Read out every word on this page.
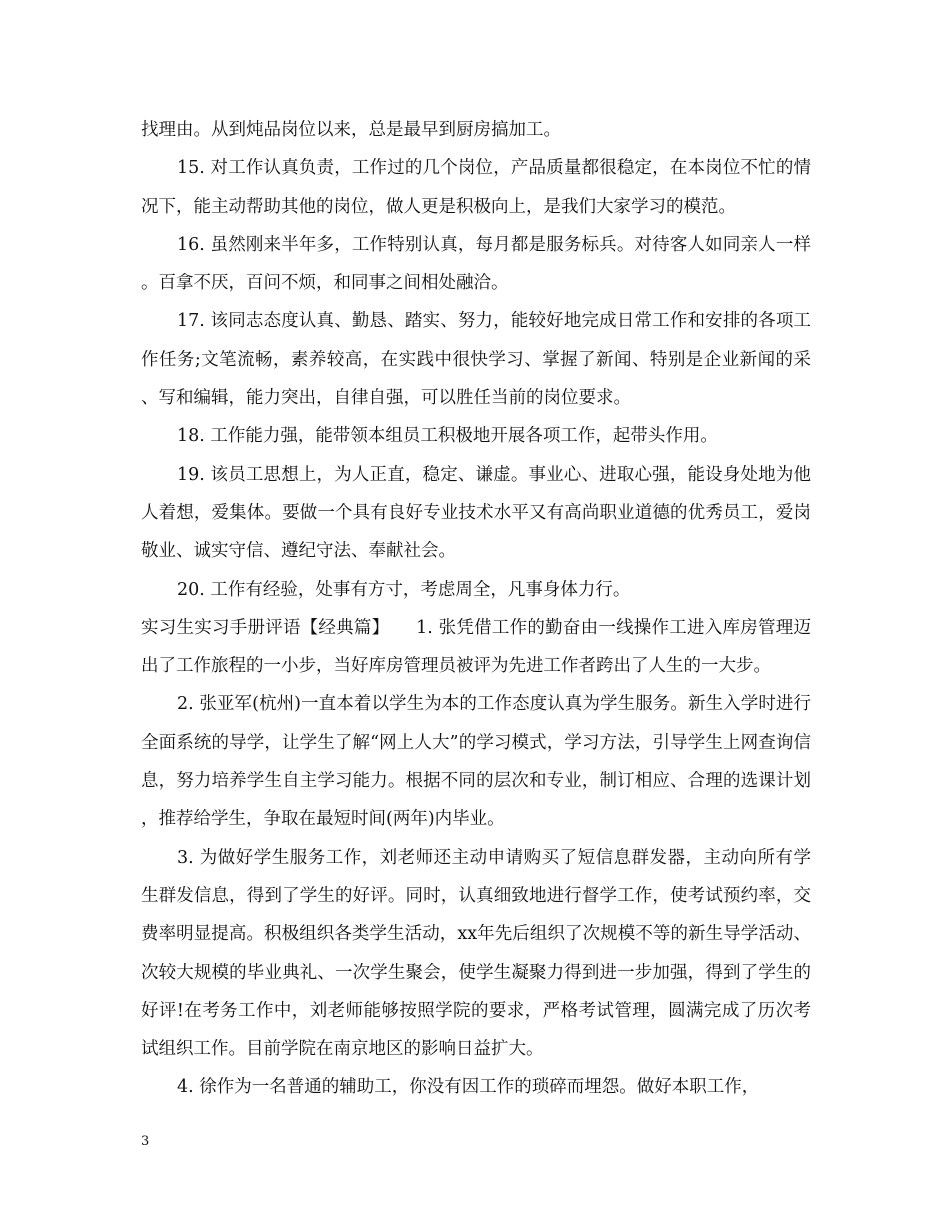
找理由。从到炖品岗位以来，总是最早到厨房搞加工。

15. 对工作认真负责，工作过的几个岗位，产品质量都很稳定，在本岗位不忙的情况下，能主动帮助其他的岗位，做人更是积极向上，是我们大家学习的模范。

16. 虽然刚来半年多，工作特别认真，每月都是服务标兵。对待客人如同亲人一样。百拿不厌，百问不烦，和同事之间相处融洽。

17. 该同志态度认真、勤恳、踏实、努力，能较好地完成日常工作和安排的各项工作任务;文笔流畅，素养较高，在实践中很快学习、掌握了新闻、特别是企业新闻的采、写和编辑，能力突出，自律自强，可以胜任当前的岗位要求。

18. 工作能力强，能带领本组员工积极地开展各项工作，起带头作用。

19. 该员工思想上，为人正直，稳定、谦虚。事业心、进取心强，能设身处地为他人着想，爱集体。要做一个具有良好专业技术水平又有高尚职业道德的优秀员工，爱岗敬业、诚实守信、遵纪守法、奉献社会。

20. 工作有经验，处事有方寸，考虑周全，凡事身体力行。

实习生实习手册评语【经典篇】　　1. 张凭借工作的勤奋由一线操作工进入库房管理迈出了工作旅程的一小步，当好库房管理员被评为先进工作者跨出了人生的一大步。

2. 张亚军(杭州)一直本着以学生为本的工作态度认真为学生服务。新生入学时进行全面系统的导学，让学生了解“网上人大”的学习模式，学习方法，引导学生上网查询信息，努力培养学生自主学习能力。根据不同的层次和专业，制订相应、合理的选课计划，推荐给学生，争取在最短时间(两年)内毕业。

3. 为做好学生服务工作，刘老师还主动申请购买了短信息群发器，主动向所有学生群发信息，得到了学生的好评。同时，认真细致地进行督学工作，使考试预约率，交费率明显提高。积极组织各类学生活动，xx年先后组织了次规模不等的新生导学活动、次较大规模的毕业典礼、一次学生聚会，使学生凝聚力得到进一步加强，得到了学生的好评!在考务工作中，刘老师能够按照学院的要求，严格考试管理，圆满完成了历次考试组织工作。目前学院在南京地区的影响日益扩大。

4. 徐作为一名普通的辅助工，你没有因工作的琐碎而埋怨。做好本职工作，

3
